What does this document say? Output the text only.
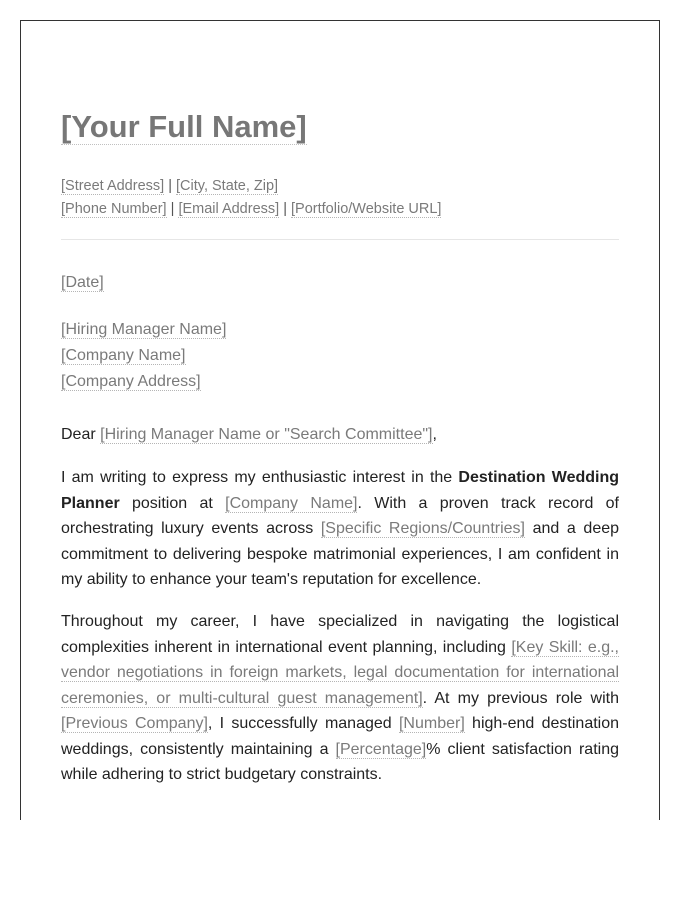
[Your Full Name]
[Street Address] | [City, State, Zip]
[Phone Number] | [Email Address] | [Portfolio/Website URL]
[Date]
[Hiring Manager Name]
[Company Name]
[Company Address]
Dear [Hiring Manager Name or "Search Committee"],
I am writing to express my enthusiastic interest in the Destination Wedding Planner position at [Company Name]. With a proven track record of orchestrating luxury events across [Specific Regions/Countries] and a deep commitment to delivering bespoke matrimonial experiences, I am confident in my ability to enhance your team's reputation for excellence.
Throughout my career, I have specialized in navigating the logistical complexities inherent in international event planning, including [Key Skill: e.g., vendor negotiations in foreign markets, legal documentation for international ceremonies, or multi-cultural guest management]. At my previous role with [Previous Company], I successfully managed [Number] high-end destination weddings, consistently maintaining a [Percentage]% client satisfaction rating while adhering to strict budgetary constraints.
